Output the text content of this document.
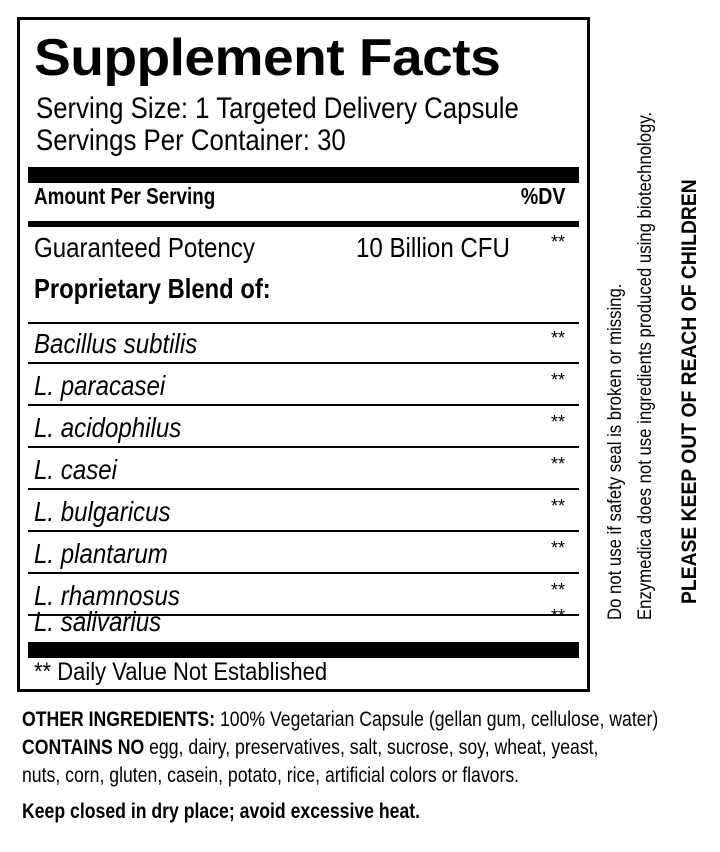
Supplement Facts
Serving Size: 1 Targeted Delivery Capsule
Servings Per Container: 30
Amount Per Serving	%DV
Guaranteed Potency	10 Billion CFU **
Proprietary Blend of:
Bacillus subtilis	**
L. paracasei	**
L. acidophilus	**
L. casei	**
L. bulgaricus	**
L. plantarum	**
L. rhamnosus	**
L. salivarius	**
** Daily Value Not Established
Do not use if safety seal is broken or missing. Enzymedica does not use ingredients produced using biotechnology. PLEASE KEEP OUT OF REACH OF CHILDREN
OTHER INGREDIENTS: 100% Vegetarian Capsule (gellan gum, cellulose, water)
CONTAINS NO egg, dairy, preservatives, salt, sucrose, soy, wheat, yeast,
nuts, corn, gluten, casein, potato, rice, artificial colors or flavors.
Keep closed in dry place; avoid excessive heat.
